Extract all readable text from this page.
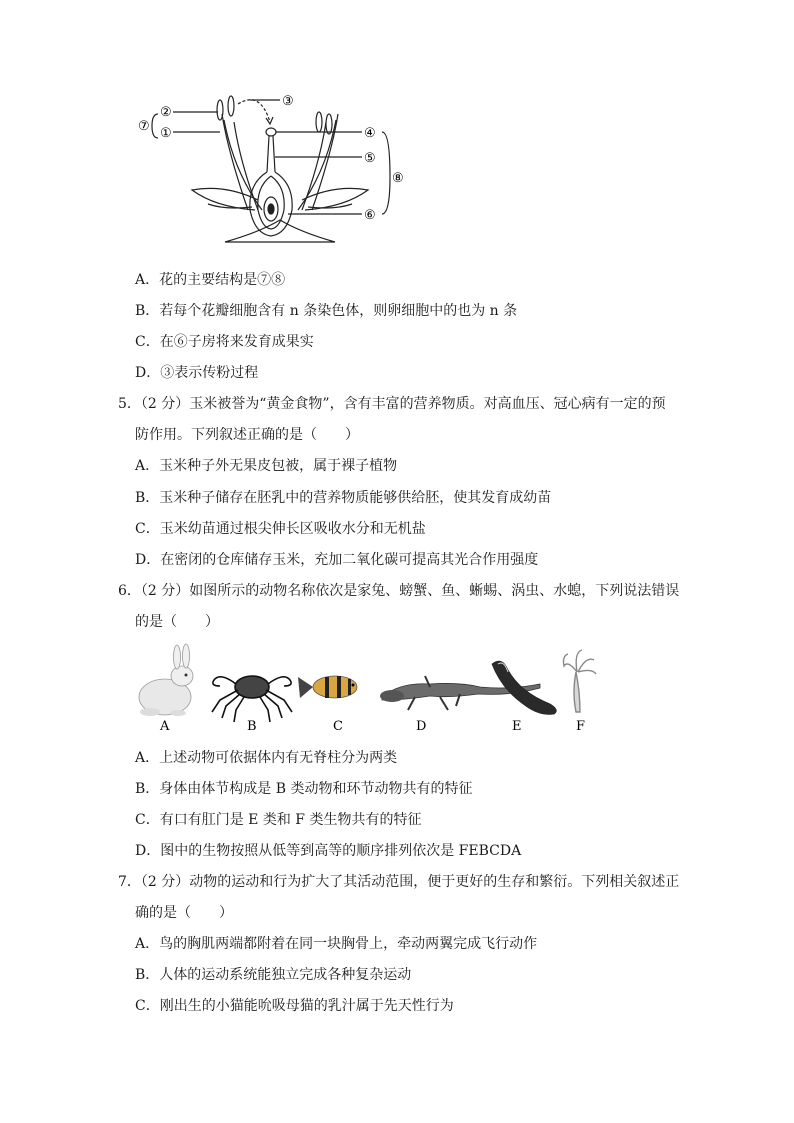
②
①
⑦
③
④
⑤
⑥
⑧
A．花的主要结构是⑦⑧
B．若每个花瓣细胞含有 n 条染色体，则卵细胞中的也为 n 条
C．在⑥子房将来发育成果实
D．③表示传粉过程
5．（2 分）玉米被誉为“黄金食物”，含有丰富的营养物质。对高血压、冠心病有一定的预
防作用。下列叙述正确的是（　　）
A．玉米种子外无果皮包被，属于裸子植物
B．玉米种子储存在胚乳中的营养物质能够供给胚，使其发育成幼苗
C．玉米幼苗通过根尖伸长区吸收水分和无机盐
D．在密闭的仓库储存玉米，充加二氧化碳可提高其光合作用强度
6．（2 分）如图所示的动物名称依次是家兔、螃蟹、鱼、蜥蜴、涡虫、水螅，下列说法错误
的是（　　）
A	B	C	D	E	F
A．上述动物可依据体内有无脊柱分为两类
B．身体由体节构成是 B 类动物和环节动物共有的特征
C．有口有肛门是 E 类和 F 类生物共有的特征
D．图中的生物按照从低等到高等的顺序排列依次是 FEBCDA
7．（2 分）动物的运动和行为扩大了其活动范围，便于更好的生存和繁衍。下列相关叙述正
确的是（　　）
A．鸟的胸肌两端都附着在同一块胸骨上，牵动两翼完成飞行动作
B．人体的运动系统能独立完成各种复杂运动
C．刚出生的小猫能吮吸母猫的乳汁属于先天性行为
